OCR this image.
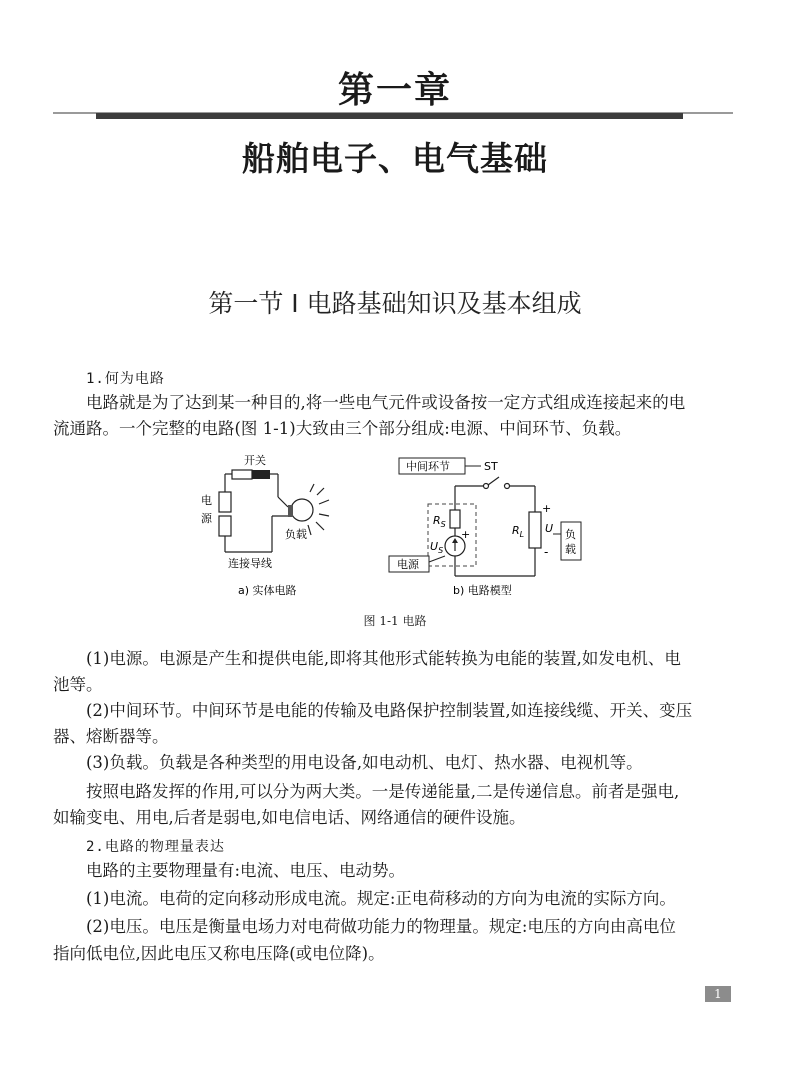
第一章
船舶电子、电气基础
第一节 I 电路基础知识及基本组成
1.何为电路
电路就是为了达到某一种目的,将一些电气元件或设备按一定方式组成连接起来的电
流通路。一个完整的电路(图 1-1)大致由三个部分组成:电源、中间环节、负载。
开关
电
源
负载
连接导线
a) 实体电路
中间环节	ST
$R_S$
$U_S$
+	$R_L$
+
U
-
负
载
电源
b) 电路模型
图 1-1 电路
(1)电源。电源是产生和提供电能,即将其他形式能转换为电能的装置,如发电机、电
池等。
(2)中间环节。中间环节是电能的传输及电路保护控制装置,如连接线缆、开关、变压
器、熔断器等。
(3)负载。负载是各种类型的用电设备,如电动机、电灯、热水器、电视机等。
按照电路发挥的作用,可以分为两大类。一是传递能量,二是传递信息。前者是强电,
如输变电、用电,后者是弱电,如电信电话、网络通信的硬件设施。
2.电路的物理量表达
电路的主要物理量有:电流、电压、电动势。
(1)电流。电荷的定向移动形成电流。规定:正电荷移动的方向为电流的实际方向。
(2)电压。电压是衡量电场力对电荷做功能力的物理量。规定:电压的方向由高电位
指向低电位,因此电压又称电压降(或电位降)。
1
